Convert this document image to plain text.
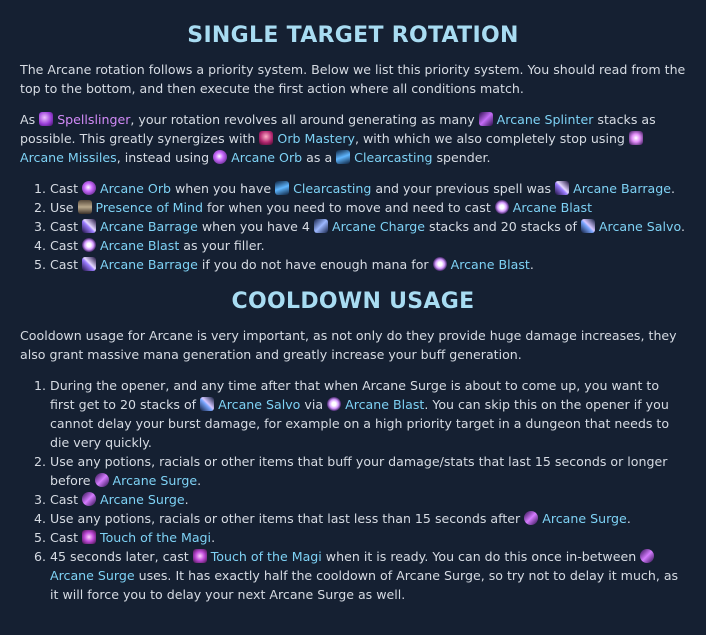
SINGLE TARGET ROTATION

The Arcane rotation follows a priority system. Below we list this priority system. You should read from the top to the bottom, and then execute the first action where all conditions match.

As Spellslinger, your rotation revolves all around generating as many Arcane Splinter stacks as possible. This greatly synergizes with Orb Mastery, with which we also completely stop using Arcane Missiles, instead using Arcane Orb as a Clearcasting spender.

1. Cast Arcane Orb when you have Clearcasting and your previous spell was Arcane Barrage.
2. Use Presence of Mind for when you need to move and need to cast Arcane Blast
3. Cast Arcane Barrage when you have 4 Arcane Charge stacks and 20 stacks of Arcane Salvo.
4. Cast Arcane Blast as your filler.
5. Cast Arcane Barrage if you do not have enough mana for Arcane Blast.
COOLDOWN USAGE

Cooldown usage for Arcane is very important, as not only do they provide huge damage increases, they also grant massive mana generation and greatly increase your buff generation.

1. During the opener, and any time after that when Arcane Surge is about to come up, you want to first get to 20 stacks of Arcane Salvo via Arcane Blast. You can skip this on the opener if you cannot delay your burst damage, for example on a high priority target in a dungeon that needs to die very quickly.
2. Use any potions, racials or other items that buff your damage/stats that last 15 seconds or longer before Arcane Surge.
3. Cast Arcane Surge.
4. Use any potions, racials or other items that last less than 15 seconds after Arcane Surge.
5. Cast Touch of the Magi.
6. 45 seconds later, cast Touch of the Magi when it is ready. You can do this once in-between Arcane Surge uses. It has exactly half the cooldown of Arcane Surge, so try not to delay it much, as it will force you to delay your next Arcane Surge as well.
